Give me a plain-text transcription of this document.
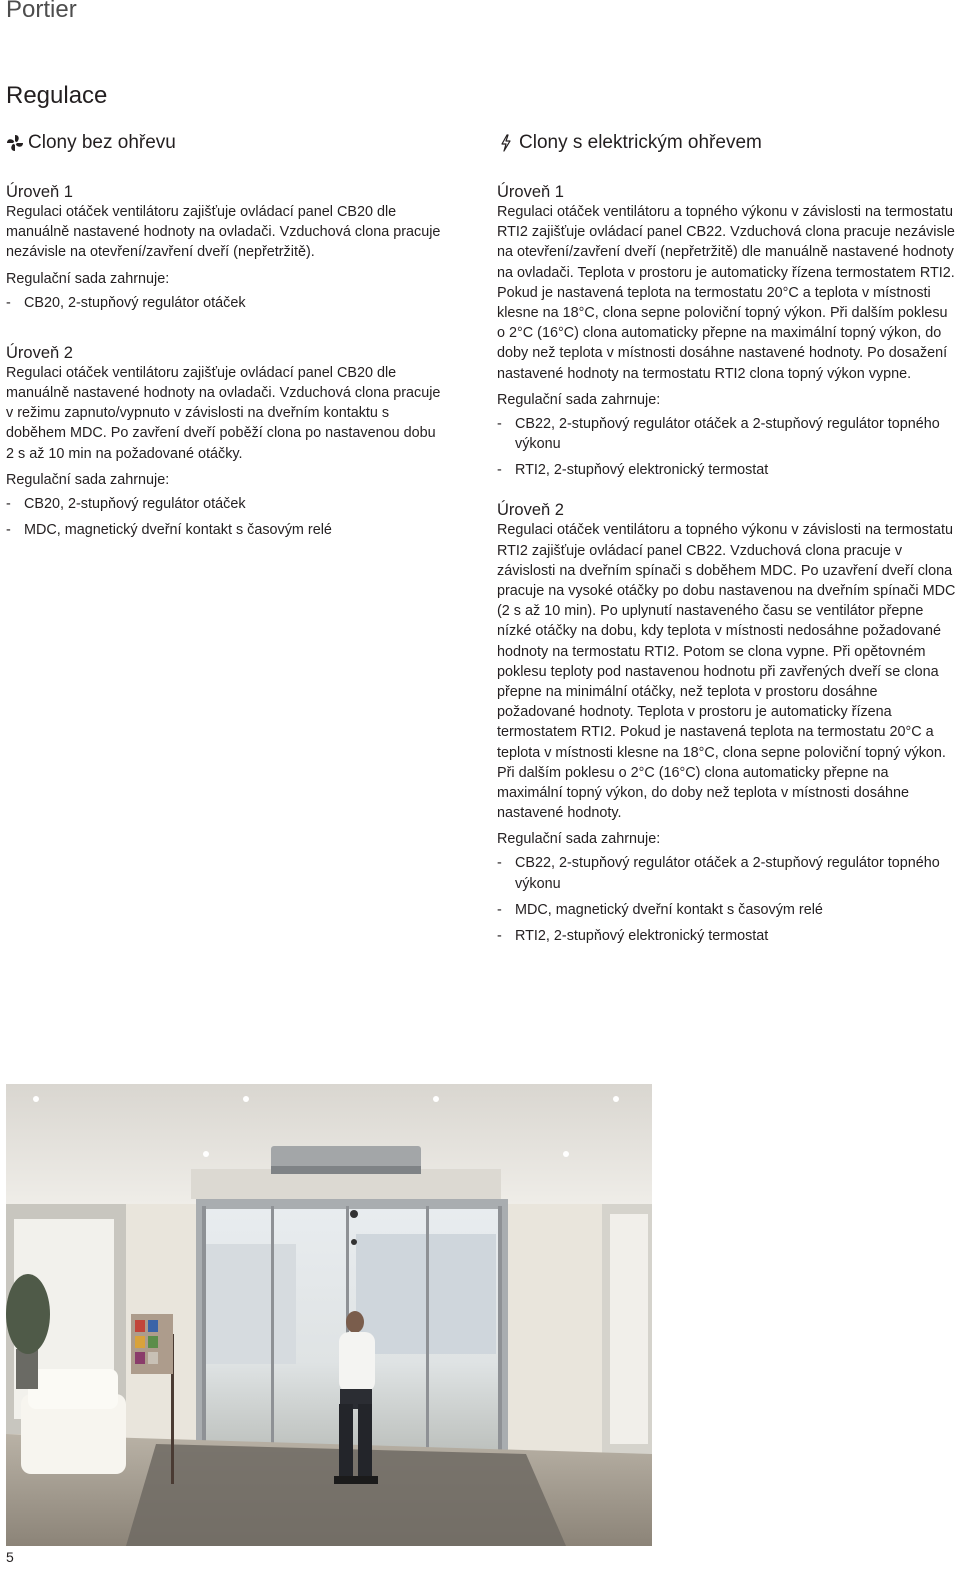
Portier
Regulace
Clony bez ohřevu
Úroveň 1

Regulaci otáček ventilátoru zajišťuje ovládací panel CB20 dle manuálně nastavené hodnoty na ovladači. Vzduchová clona pracuje nezávisle na otevření/zavření dveří (nepřetržitě).

Regulační sada zahrnuje:
- CB20, 2-stupňový regulátor otáček
Úroveň 2

Regulaci otáček ventilátoru zajišťuje ovládací panel CB20 dle manuálně nastavené hodnoty na ovladači. Vzduchová clona pracuje v režimu zapnuto/vypnuto v závislosti na dveřním kontaktu s doběhem MDC. Po zavření dveří poběží clona po nastavenou dobu 2 s až 10 min na požadované otáčky.

Regulační sada zahrnuje:
- CB20, 2-stupňový regulátor otáček
- MDC, magnetický dveřní kontakt s časovým relé
Clony s elektrickým ohřevem
Úroveň 1

Regulaci otáček ventilátoru a topného výkonu v závislosti na termostatu RTI2 zajišťuje ovládací panel CB22. Vzduchová clona pracuje nezávisle na otevření/zavření dveří (nepřetržitě) dle manuálně nastavené hodnoty na ovladači. Teplota v prostoru je automaticky řízena termostatem RTI2. Pokud je nastavená teplota na termostatu 20°C a teplota v místnosti klesne na 18°C, clona sepne poloviční topný výkon. Při dalším poklesu o 2°C (16°C) clona automaticky přepne na maximální topný výkon, do doby než teplota v místnosti dosáhne nastavené hodnoty. Po dosažení nastavené hodnoty na termostatu RTI2 clona topný výkon vypne.

Regulační sada zahrnuje:
- CB22, 2-stupňový regulátor otáček a 2-stupňový regulátor topného výkonu
- RTI2, 2-stupňový elektronický termostat
Úroveň 2

Regulaci otáček ventilátoru a topného výkonu v závislosti na termostatu RTI2 zajišťuje ovládací panel CB22. Vzduchová clona pracuje v závislosti na dveřním spínači s doběhem MDC. Po uzavření dveří clona pracuje na vysoké otáčky po dobu nastavenou na dveřním spínači MDC (2 s až 10 min). Po uplynutí nastaveného času se ventilátor přepne nízké otáčky na dobu, kdy teplota v místnosti nedosáhne požadované hodnoty na termostatu RTI2. Potom se clona vypne. Při opětovném poklesu teploty pod nastavenou hodnotu při zavřených dveří se clona přepne na minimální otáčky, než teplota v prostoru dosáhne požadované hodnoty. Teplota v prostoru je automaticky řízena termostatem RTI2. Pokud je nastavená teplota na termostatu 20°C a teplota v místnosti klesne na 18°C, clona sepne poloviční topný výkon. Při dalším poklesu o 2°C (16°C) clona automaticky přepne na maximální topný výkon, do doby než teplota v místnosti dosáhne nastavené hodnoty.

Regulační sada zahrnuje:
- CB22, 2-stupňový regulátor otáček a 2-stupňový regulátor topného výkonu
- MDC, magnetický dveřní kontakt s časovým relé
- RTI2, 2-stupňový elektronický termostat
5
